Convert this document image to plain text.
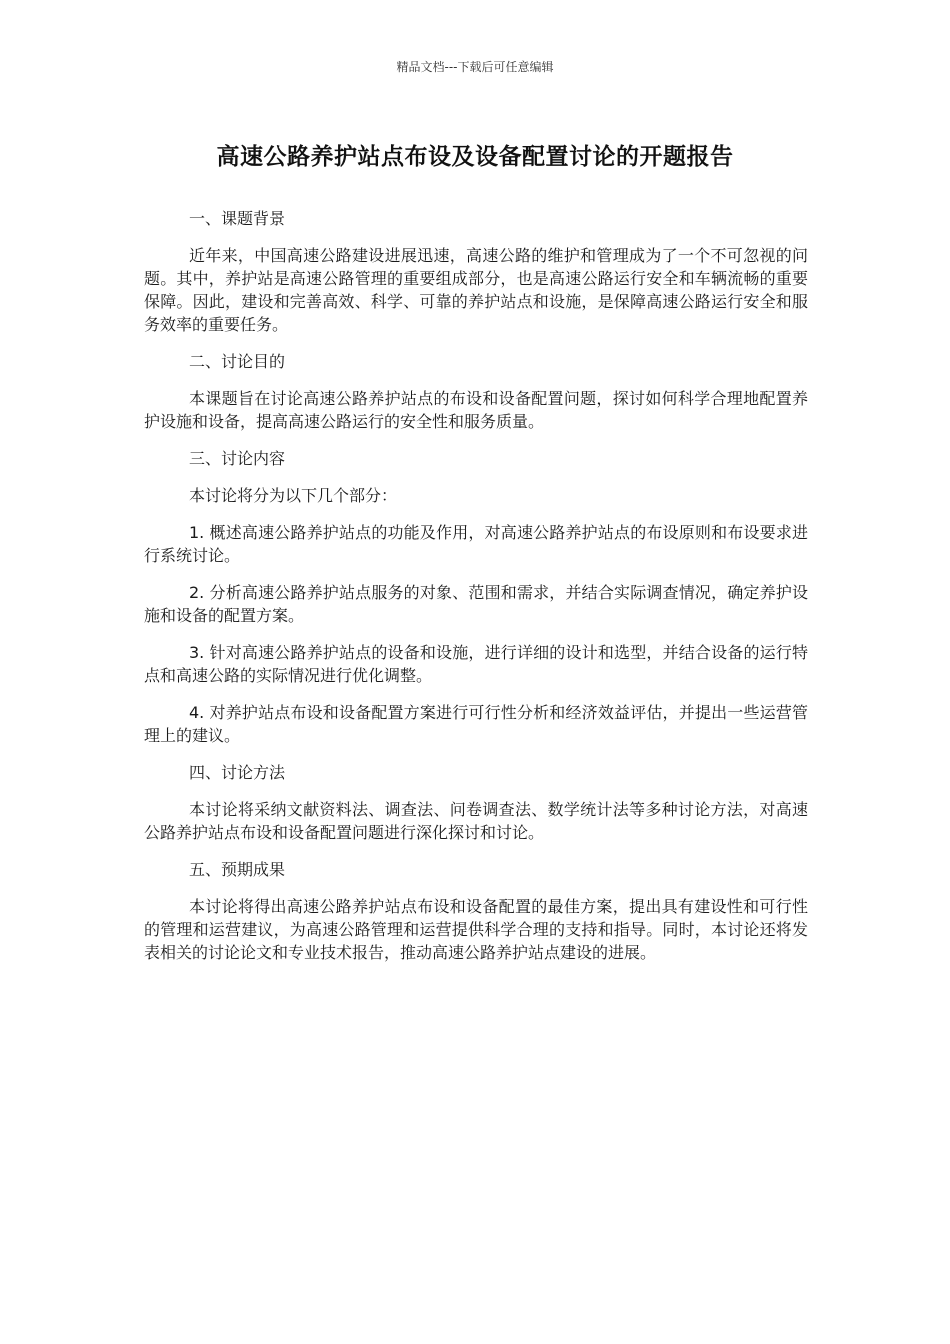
精品文档---下载后可任意编辑
高速公路养护站点布设及设备配置讨论的开题报告

一、课题背景

近年来，中国高速公路建设进展迅速，高速公路的维护和管理成为了一个不可忽视的问题。其中，养护站是高速公路管理的重要组成部分，也是高速公路运行安全和车辆流畅的重要保障。因此，建设和完善高效、科学、可靠的养护站点和设施，是保障高速公路运行安全和服务效率的重要任务。

二、讨论目的

本课题旨在讨论高速公路养护站点的布设和设备配置问题，探讨如何科学合理地配置养护设施和设备，提高高速公路运行的安全性和服务质量。

三、讨论内容

本讨论将分为以下几个部分：

1. 概述高速公路养护站点的功能及作用，对高速公路养护站点的布设原则和布设要求进行系统讨论。

2. 分析高速公路养护站点服务的对象、范围和需求，并结合实际调查情况，确定养护设施和设备的配置方案。

3. 针对高速公路养护站点的设备和设施，进行详细的设计和选型，并结合设备的运行特点和高速公路的实际情况进行优化调整。

4. 对养护站点布设和设备配置方案进行可行性分析和经济效益评估，并提出一些运营管理上的建议。

四、讨论方法

本讨论将采纳文献资料法、调查法、问卷调查法、数学统计法等多种讨论方法，对高速公路养护站点布设和设备配置问题进行深化探讨和讨论。

五、预期成果

本讨论将得出高速公路养护站点布设和设备配置的最佳方案，提出具有建设性和可行性的管理和运营建议，为高速公路管理和运营提供科学合理的支持和指导。同时，本讨论还将发表相关的讨论论文和专业技术报告，推动高速公路养护站点建设的进展。
